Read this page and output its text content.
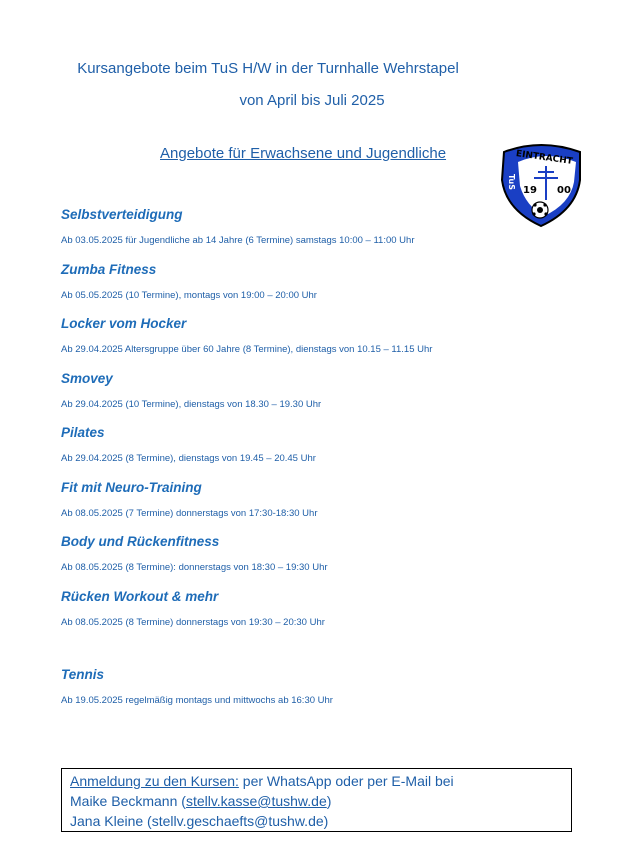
Kursangebote beim TuS H/W in der Turnhalle Wehrstapel
von April bis Juli 2025
Angebote für Erwachsene und Jugendliche	EINTRACHT
TuS
19 00
Selbstverteidigung
Ab 03.05.2025 für Jugendliche ab 14 Jahre (6 Termine) samstags 10:00 – 11:00 Uhr
Zumba Fitness
Ab 05.05.2025 (10 Termine), montags von 19:00 – 20:00 Uhr
Locker vom Hocker
Ab 29.04.2025 Altersgruppe über 60 Jahre (8 Termine), dienstags von 10.15 – 11.15 Uhr
Smovey
Ab 29.04.2025 (10 Termine), dienstags von 18.30 – 19.30 Uhr
Pilates
Ab 29.04.2025 (8 Termine), dienstags von 19.45 – 20.45 Uhr
Fit mit Neuro-Training
Ab 08.05.2025 (7 Termine) donnerstags von 17:30-18:30 Uhr
Body und Rückenfitness
Ab 08.05.2025 (8 Termine): donnerstags von 18:30 – 19:30 Uhr
Rücken Workout & mehr
Ab 08.05.2025 (8 Termine) donnerstags von 19:30 – 20:30 Uhr
Tennis
Ab 19.05.2025 regelmäßig montags und mittwochs ab 16:30 Uhr
Anmeldung zu den Kursen: per WhatsApp oder per E-Mail bei
Maike Beckmann (stellv.kasse@tushw.de)
Jana Kleine (stellv.geschaefts@tushw.de)
